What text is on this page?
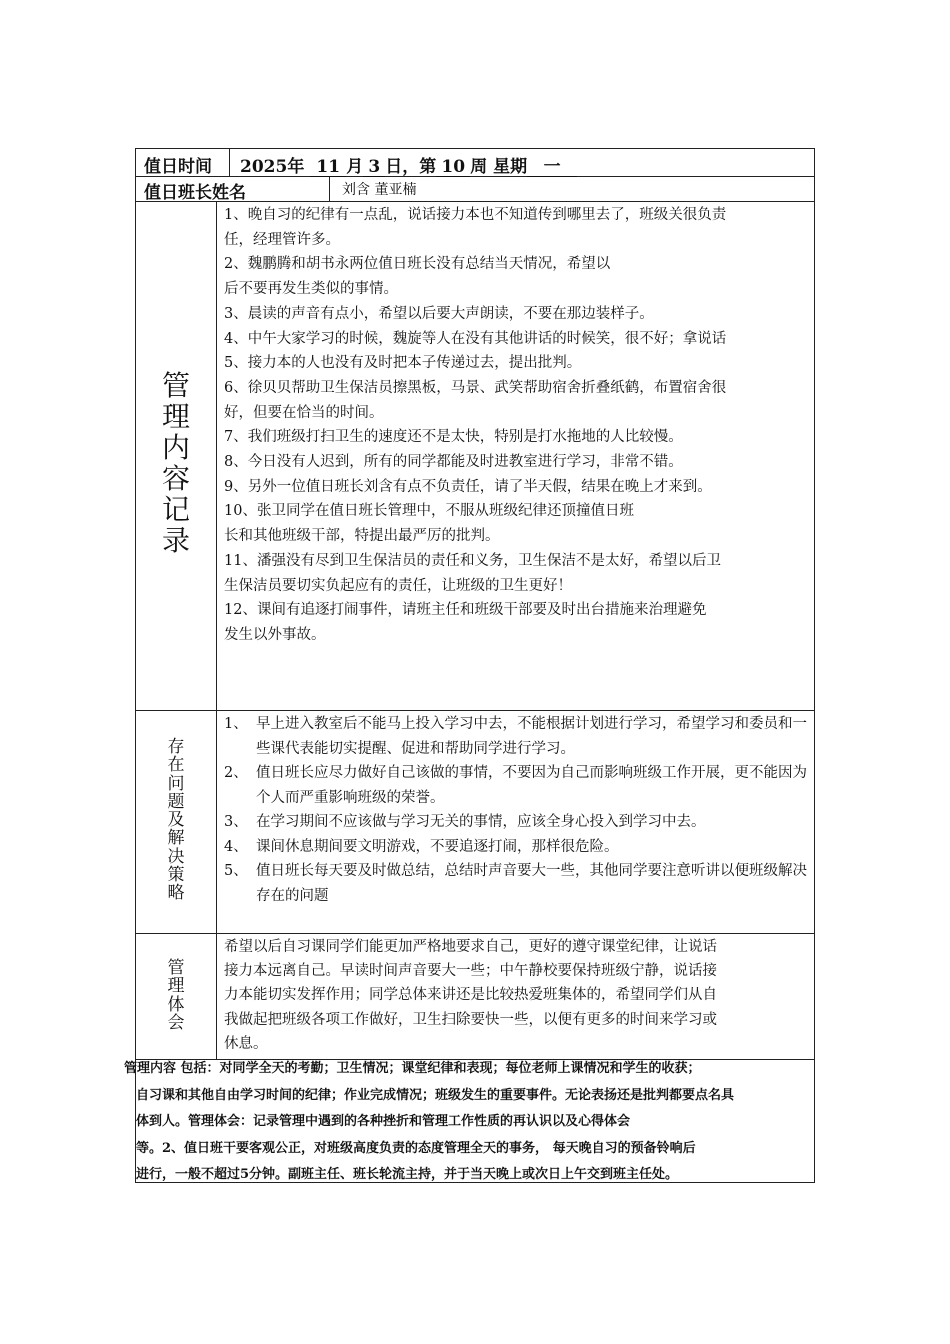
值日时间 2025年 11 月 3 日，第 10 周 星期 一
值日班长姓名	刘含 董亚楠
管理内容记录

1、晚自习的纪律有一点乱，说话接力本也不知道传到哪里去了，班级关很负责

任，经理管许多。

2、魏鹏腾和胡书永两位值日班长没有总结当天情况，希望以

后不要再发生类似的事情。

3、晨读的声音有点小，希望以后要大声朗读，不要在那边装样子。

4、中午大家学习的时候，魏旋等人在没有其他讲话的时候笑，很不好；拿说话

5、接力本的人也没有及时把本子传递过去，提出批判。

6、徐贝贝帮助卫生保洁员擦黑板，马景、武笑帮助宿舍折叠纸鹤，布置宿舍很

好，但要在恰当的时间。

7、我们班级打扫卫生的速度还不是太快，特别是打水拖地的人比较慢。

8、今日没有人迟到，所有的同学都能及时进教室进行学习，非常不错。

9、另外一位值日班长刘含有点不负责任，请了半天假，结果在晚上才来到。

10、张卫同学在值日班长管理中，不服从班级纪律还顶撞值日班

长和其他班级干部，特提出最严厉的批判。

11、潘强没有尽到卫生保洁员的责任和义务，卫生保洁不是太好，希望以后卫

生保洁员要切实负起应有的责任，让班级的卫生更好！

12、课间有追逐打闹事件，请班主任和班级干部要及时出台措施来治理避免

发生以外事故。

存在问题及解决策略
1、 早上进入教室后不能马上投入学习中去，不能根据计划进行学习，希望学习和委员和一些课代表能切实提醒、促进和帮助同学进行学习。
2、 值日班长应尽力做好自己该做的事情，不要因为自己而影响班级工作开展，更不能因为个人而严重影响班级的荣誉。
3、 在学习期间不应该做与学习无关的事情，应该全身心投入到学习中去。
4、 课间休息期间要文明游戏，不要追逐打闹，那样很危险。
5、 值日班长每天要及时做总结，总结时声音要大一些，其他同学要注意听讲以便班级解决存在的问题
管理体会

希望以后自习课同学们能更加严格地要求自己，更好的遵守课堂纪律，让说话

接力本远离自己。早读时间声音要大一些；中午静校要保持班级宁静，说话接

力本能切实发挥作用；同学总体来讲还是比较热爱班集体的，希望同学们从自

我做起把班级各项工作做好，卫生扫除要快一些，以便有更多的时间来学习或

休息。

管理内容 包括：对同学全天的考勤；卫生情况；课堂纪律和表现；每位老师上课情况和学生的收获；

自习课和其他自由学习时间的纪律；作业完成情况；班级发生的重要事件。无论表扬还是批判都要点名具

体到人。管理体会：记录管理中遇到的各种挫折和管理工作性质的再认识以及心得体会

等。2、值日班干要客观公正，对班级高度负责的态度管理全天的事务， 每天晚自习的预备铃响后

进行，一般不超过5分钟。副班主任、班长轮流主持，并于当天晚上或次日上午交到班主任处。
